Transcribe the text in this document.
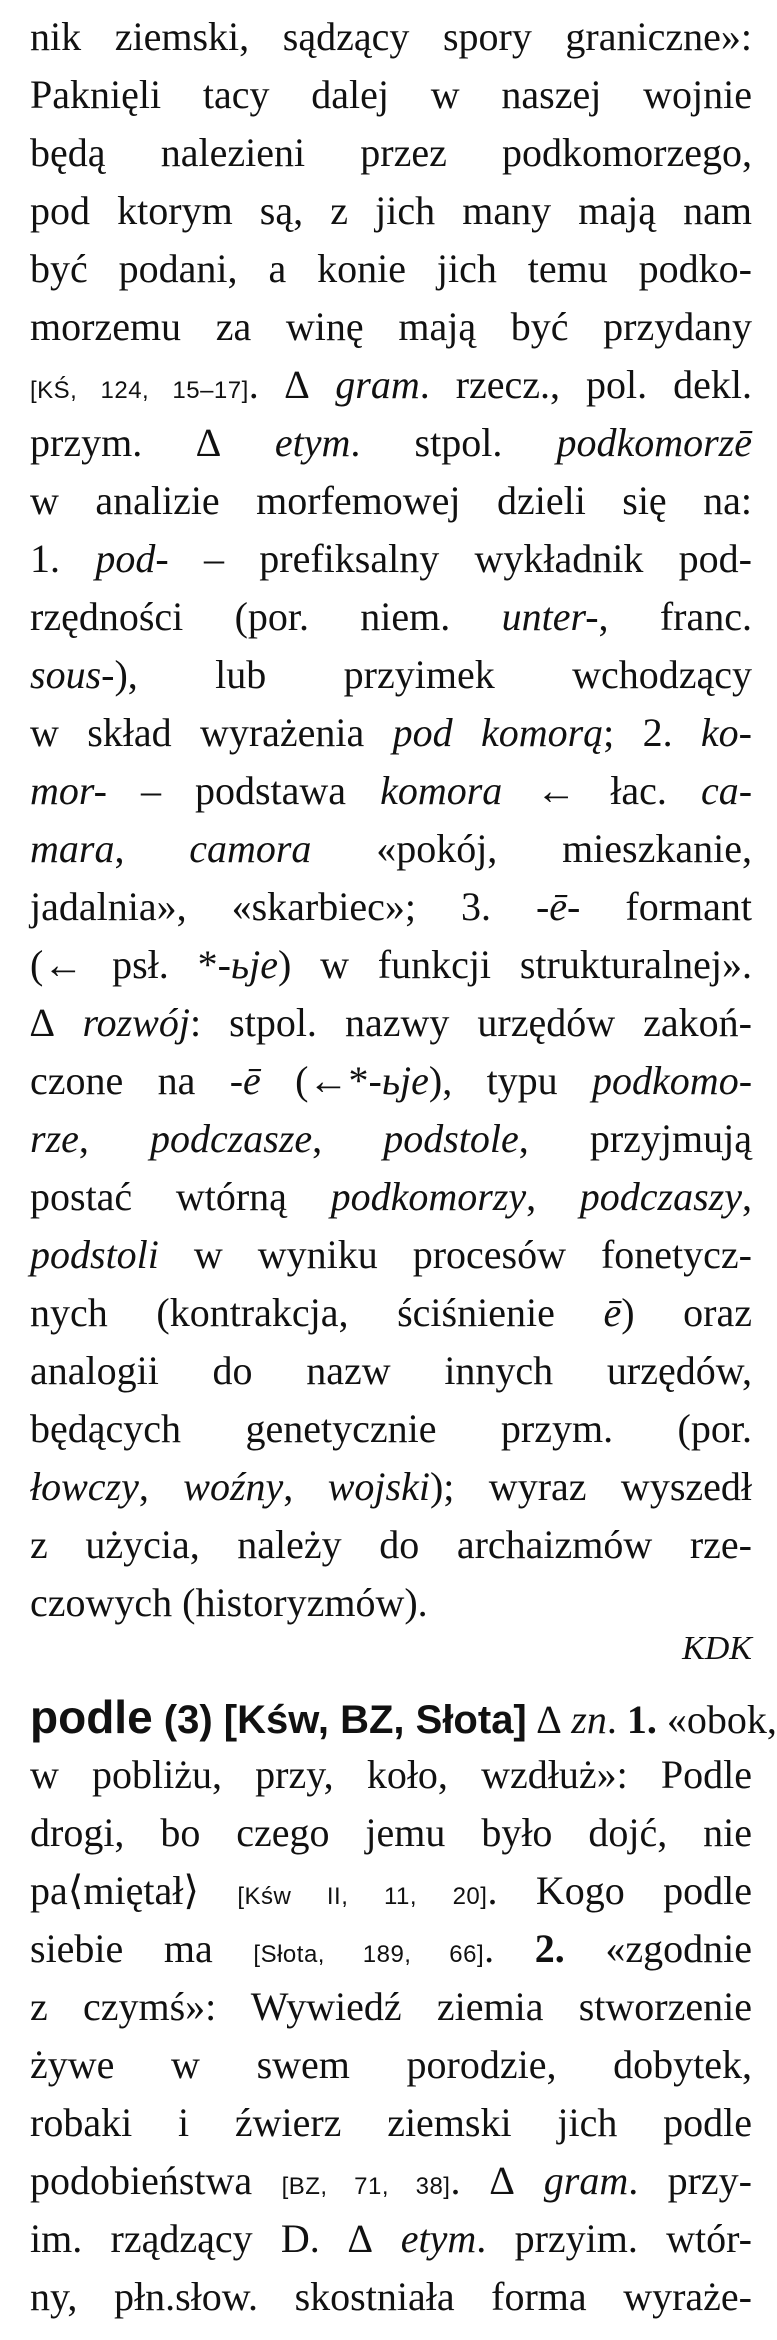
nik ziemski, sądzący spory graniczne»:
Paknięli tacy dalej w naszej wojnie
będą nalezieni przez podkomorzego,
pod ktorym są, z jich many mają nam
być podani, a konie jich temu podko-
morzemu za winę mają być przydany
[KŚ, 124, 15–17]. ∆ gram. rzecz., pol. dekl.
przym. ∆ etym. stpol. podkomorzē
w analizie morfemowej dzieli się na:
1. pod- – prefiksalny wykładnik pod-
rzędności (por. niem. unter-, franc.
sous-), lub przyimek wchodzący
w skład wyrażenia pod komorą; 2. ko-
mor- – podstawa komora ← łac. ca-
mara, camora «pokój, mieszkanie,
jadalnia», «skarbiec»; 3. -ē- formant
(← psł. *-ьje) w funkcji strukturalnej».
∆ rozwój: stpol. nazwy urzędów zakoń-
czone na -ē (←*-ьje), typu podkomo-
rze, podczasze, podstole, przyjmują
postać wtórną podkomorzy, podczaszy,
podstoli w wyniku procesów fonetycz-
nych (kontrakcja, ściśnienie ē) oraz
analogii do nazw innych urzędów,
będących genetycznie przym. (por.
łowczy, woźny, wojski); wyraz wyszedł
z użycia, należy do archaizmów rze-
czowych (historyzmów).
KDK
podle (3) [Kśw, BZ, Słota] ∆ zn. 1. «obok,
w pobliżu, przy, koło, wzdłuż»: Podle
drogi, bo czego jemu było dojć, nie
pa⟨miętał⟩ [Kśw II, 11, 20]. Kogo podle
siebie ma [Słota, 189, 66]. 2. «zgodnie
z czymś»: Wywiedź ziemia stworzenie
żywe w swem porodzie, dobytek,
robaki i źwierz ziemski jich podle
podobieństwa [BZ, 71, 38]. ∆ gram. przy-
im. rządzący D. ∆ etym. przyim. wtór-
ny, płn.słow. skostniała forma wyraże-
